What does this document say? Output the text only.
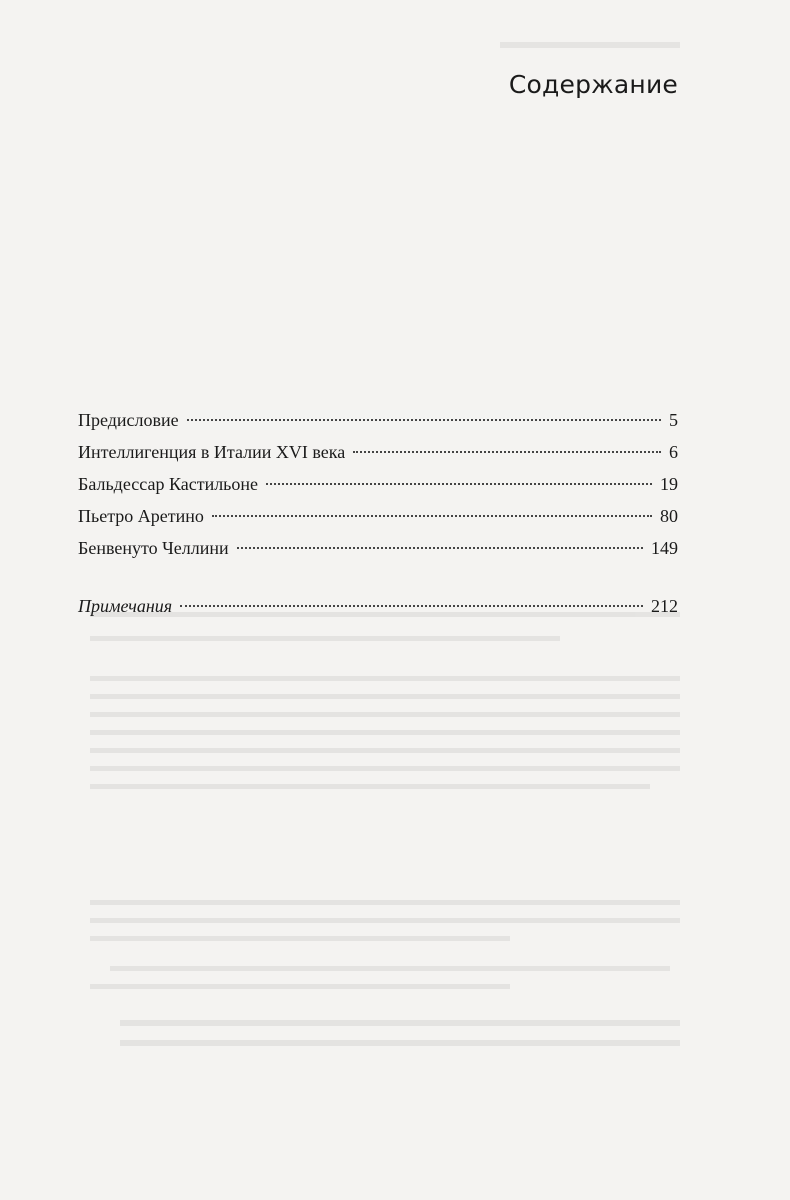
Содержание
Предисловие	5
Интеллигенция в Италии XVI века	6
Бальдессар Кастильоне	19
Пьетро Аретино	80
Бенвенуто Челлини	149
Примечания	212
